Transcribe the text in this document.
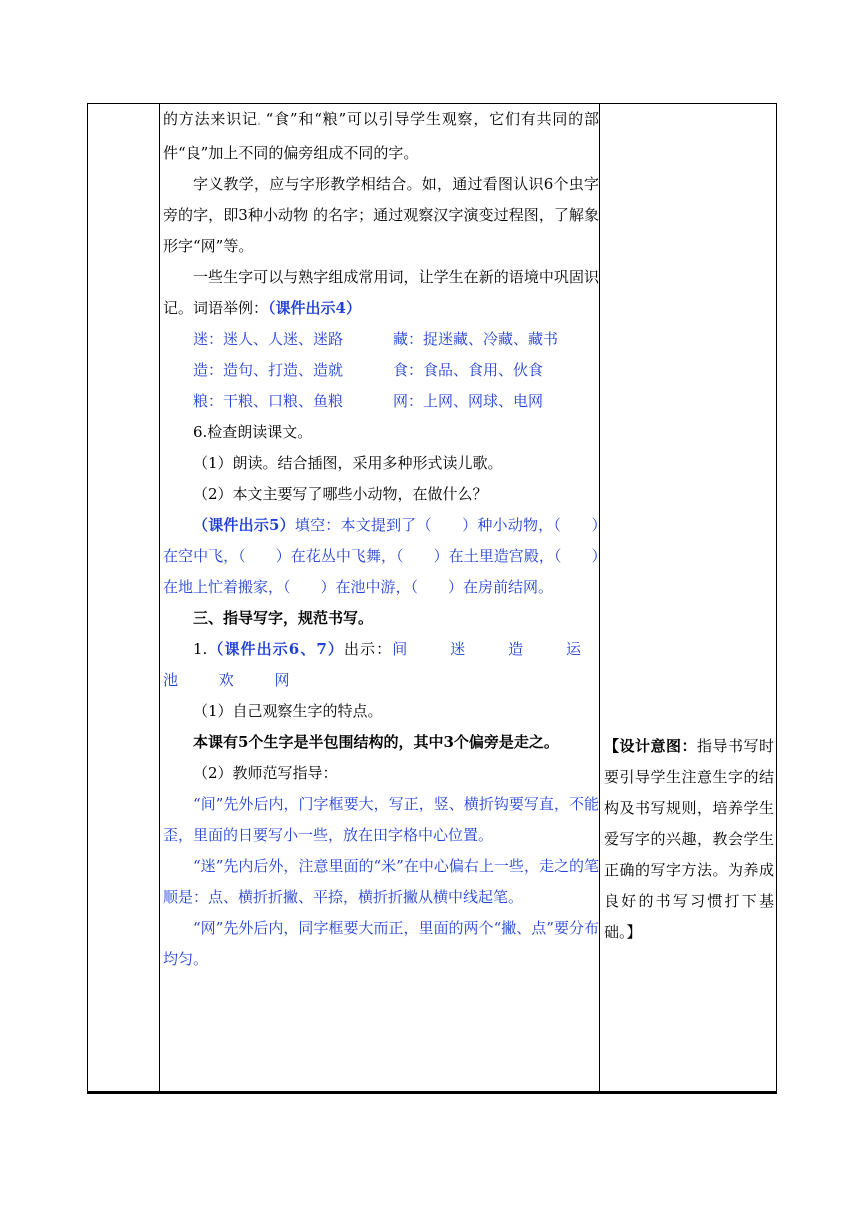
的方法来识记。“食”和“粮”可以引导学生观察，它们有共同的部件“良”加上不同的偏旁组成不同的字。

字义教学，应与字形教学相结合。如，通过看图认识6个虫字旁的字，即3种小动物 的名字；通过观察汉字演变过程图，了解象形字“网”等。

一些生字可以与熟字组成常用词，让学生在新的语境中巩固识记。词语举例：（课件出示4）

迷：迷人、人迷、迷路	藏：捉迷藏、冷藏、藏书
造：造句、打造、造就	食：食品、食用、伙食
粮：干粮、口粮、鱼粮	网：上网、网球、电网

6.检查朗读课文。

（1）朗读。结合插图，采用多种形式读儿歌。

（2）本文主要写了哪些小动物，在做什么？

（课件出示5）填空：本文提到了（　　）种小动物，（　　）在空中飞，（　　）在花丛中飞舞，（　　）在土里造宫殿，（　　）在地上忙着搬家，（　　）在池中游，（　　）在房前结网。

三、指导写字，规范书写。

1.（课件出示6、7）出示：间 迷 造 运 池 欢 网

（1）自己观察生字的特点。

本课有5个生字是半包围结构的，其中3个偏旁是走之。

（2）教师范写指导：

“间”先外后内，门字框要大，写正，竖、横折钩要写直，不能歪，里面的日要写小一些，放在田字格中心位置。

“迷”先内后外，注意里面的“米”在中心偏右上一些，走之的笔顺是：点、横折折撇、平捺，横折折撇从横中线起笔。

“网”先外后内，同字框要大而正，里面的两个“撇、点”要分布均匀。

【设计意图：指导书写时要引导学生注意生字的结构及书写规则，培养学生爱写字的兴趣，教会学生正确的写字方法。为养成良好的书写习惯打下基础。】
